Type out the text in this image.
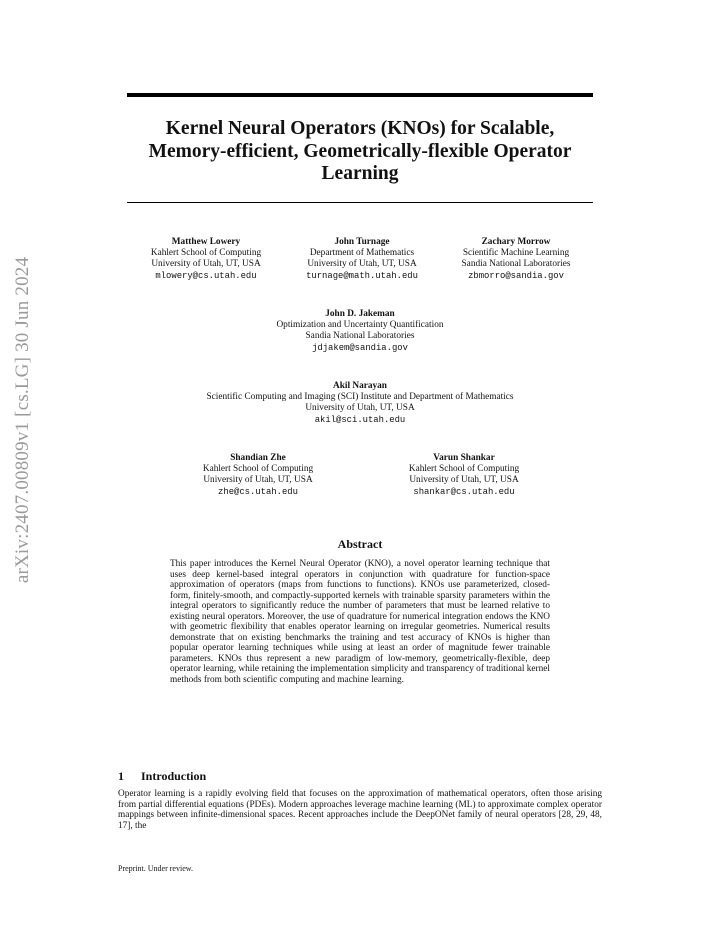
arXiv:2407.00809v1 [cs.LG] 30 Jun 2024
Kernel Neural Operators (KNOs) for Scalable, Memory-efficient, Geometrically-flexible Operator Learning
Matthew Lowery
Kahlert School of Computing
University of Utah, UT, USA
mlowery@cs.utah.edu
John Turnage
Department of Mathematics
University of Utah, UT, USA
turnage@math.utah.edu
Zachary Morrow
Scientific Machine Learning
Sandia National Laboratories
zbmorro@sandia.gov
John D. Jakeman
Optimization and Uncertainty Quantification
Sandia National Laboratories
jdjakem@sandia.gov
Akil Narayan
Scientific Computing and Imaging (SCI) Institute and Department of Mathematics
University of Utah, UT, USA
akil@sci.utah.edu
Shandian Zhe
Kahlert School of Computing
University of Utah, UT, USA
zhe@cs.utah.edu
Varun Shankar
Kahlert School of Computing
University of Utah, UT, USA
shankar@cs.utah.edu
Abstract
This paper introduces the Kernel Neural Operator (KNO), a novel operator learning technique that uses deep kernel-based integral operators in conjunction with quadrature for function-space approximation of operators (maps from functions to functions). KNOs use parameterized, closed-form, finitely-smooth, and compactly-supported kernels with trainable sparsity parameters within the integral operators to significantly reduce the number of parameters that must be learned relative to existing neural operators. Moreover, the use of quadrature for numerical integration endows the KNO with geometric flexibility that enables operator learning on irregular geometries. Numerical results demonstrate that on existing benchmarks the training and test accuracy of KNOs is higher than popular operator learning techniques while using at least an order of magnitude fewer trainable parameters. KNOs thus represent a new paradigm of low-memory, geometrically-flexible, deep operator learning, while retaining the implementation simplicity and transparency of traditional kernel methods from both scientific computing and machine learning.
1 Introduction
Operator learning is a rapidly evolving field that focuses on the approximation of mathematical operators, often those arising from partial differential equations (PDEs). Modern approaches leverage machine learning (ML) to approximate complex operator mappings between infinite-dimensional spaces. Recent approaches include the DeepONet family of neural operators [28, 29, 48, 17], the
Preprint. Under review.
